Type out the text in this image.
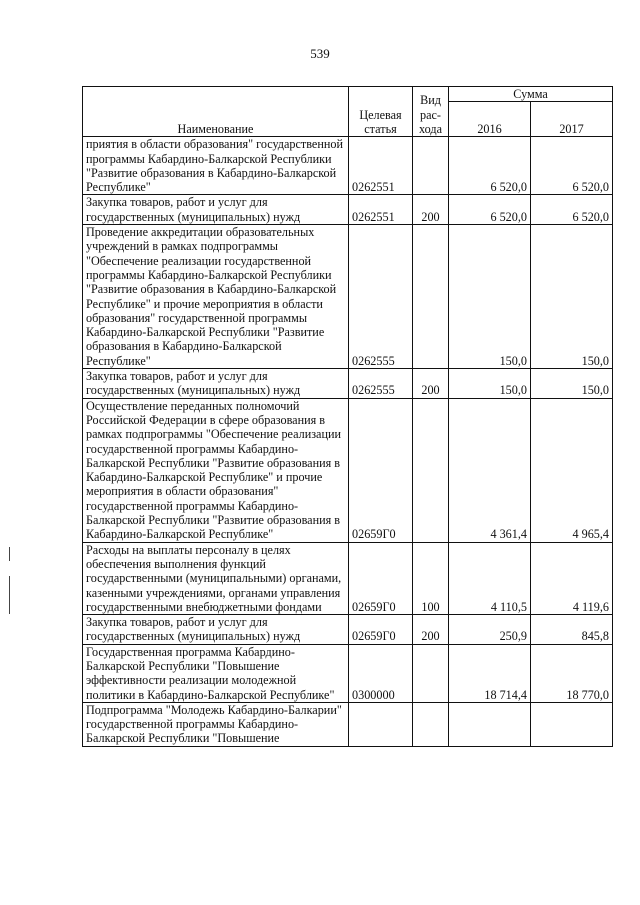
539
Наименование	Целевая статья	Вид рас-хода	Сумма	
			2016	2017
приятия в области образования" государственной программы Кабардино-Балкарской Республики "Развитие образования в Кабардино-Балкарской Республике"	0262551		6 520,0	6 520,0
Закупка товаров, работ и услуг для государственных (муниципальных) нужд	0262551	200	6 520,0	6 520,0
Проведение аккредитации образовательных учреждений в рамках подпрограммы "Обеспечение реализации государственной программы Кабардино-Балкарской Республики "Развитие образования в Кабардино-Балкарской Республике" и прочие мероприятия в области образования" государственной программы Кабардино-Балкарской Республики "Развитие образования в Кабардино-Балкарской Республике"	0262555		150,0	150,0
Закупка товаров, работ и услуг для государственных (муниципальных) нужд	0262555	200	150,0	150,0
Осуществление переданных полномочий Российской Федерации в сфере образования в рамках подпрограммы "Обеспечение реализации государственной программы Кабардино-Балкарской Республики "Развитие образования в Кабардино-Балкарской Республике" и прочие мероприятия в области образования" государственной программы Кабардино-Балкарской Республики "Развитие образования в Кабардино-Балкарской Республике"	02659Г0		4 361,4	4 965,4
Расходы на выплаты персоналу в целях обеспечения выполнения функций государственными (муниципальными) органами, казенными учреждениями, органами управления государственными внебюджетными фондами	02659Г0	100	4 110,5	4 119,6
Закупка товаров, работ и услуг для государственных (муниципальных) нужд	02659Г0	200	250,9	845,8
Государственная программа Кабардино-Балкарской Республики "Повышение эффективности реализации молодежной политики в Кабардино-Балкарской Республике"	0300000		18 714,4	18 770,0
Подпрограмма "Молодежь Кабардино-Балкарии" государственной программы Кабардино-Балкарской Республики "Повышение				
